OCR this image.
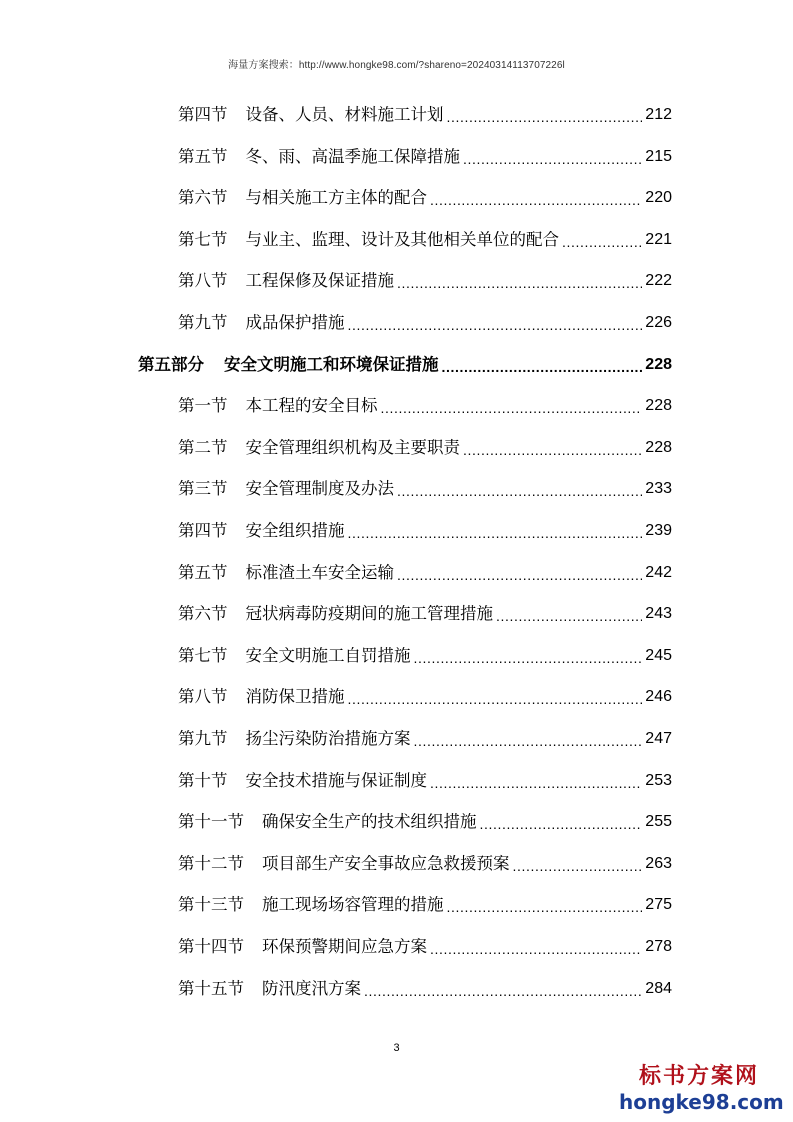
海量方案搜索：http://www.hongke98.com/?shareno=20240314113707226l
第四节 设备、人员、材料施工计划 .....	212
第五节 冬、雨、高温季施工保障措施 .....	215
第六节 与相关施工方主体的配合 .....	220
第七节 与业主、监理、设计及其他相关单位的配合 .....	221
第八节 工程保修及保证措施 .....	222
第九节 成品保护措施 .....	226
第五部分 安全文明施工和环境保证措施 .....	228
第一节 本工程的安全目标 .....	228
第二节 安全管理组织机构及主要职责 .....	228
第三节 安全管理制度及办法 .....	233
第四节 安全组织措施 .....	239
第五节 标准渣土车安全运输 .....	242
第六节 冠状病毒防疫期间的施工管理措施 .....	243
第七节 安全文明施工自罚措施 .....	245
第八节 消防保卫措施 .....	246
第九节 扬尘污染防治措施方案 .....	247
第十节 安全技术措施与保证制度 .....	253
第十一节 确保安全生产的技术组织措施 .....	255
第十二节 项目部生产安全事故应急救援预案 .....	263
第十三节 施工现场场容管理的措施 .....	275
第十四节 环保预警期间应急方案 .....	278
第十五节 防汛度汛方案 .....	284
3
标书方案网
hongke98.com
